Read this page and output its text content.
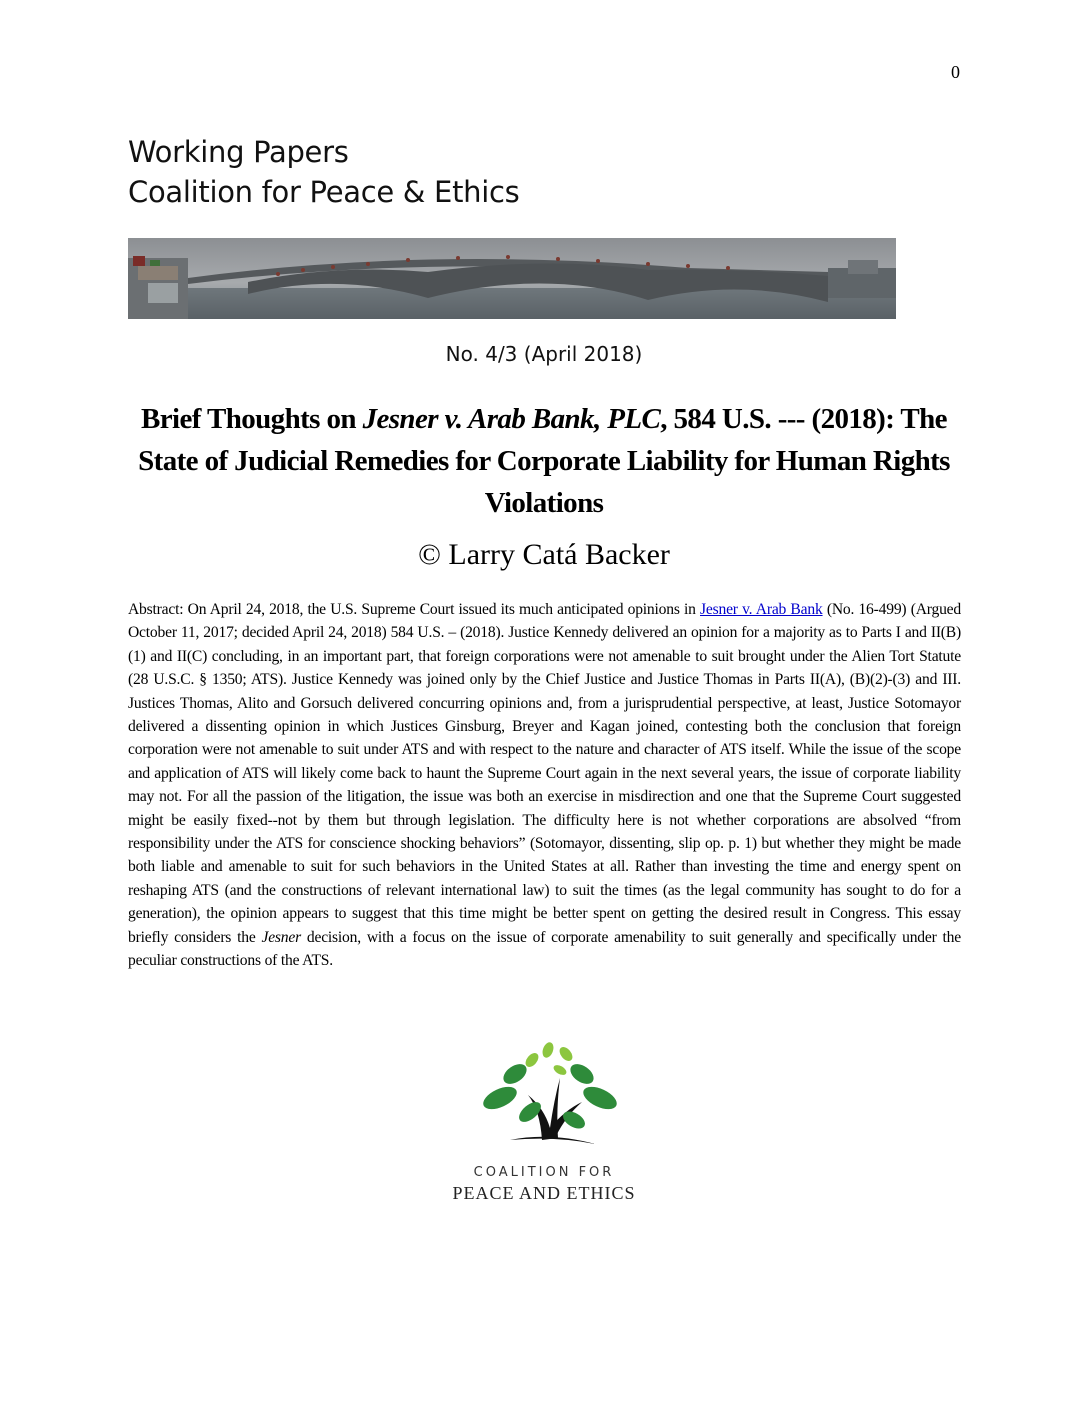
0
Working Papers
Coalition for Peace & Ethics
No. 4/3 (April 2018)
Brief Thoughts on Jesner v. Arab Bank, PLC, 584 U.S. --- (2018): The State of Judicial Remedies for Corporate Liability for Human Rights Violations
© Larry Catá Backer
Abstract: On April 24, 2018, the U.S. Supreme Court issued its much anticipated opinions in Jesner v. Arab Bank (No. 16-499) (Argued October 11, 2017; decided April 24, 2018) 584 U.S. – (2018). Justice Kennedy delivered an opinion for a majority as to Parts I and II(B)(1) and II(C) concluding, in an important part, that foreign corporations were not amenable to suit brought under the Alien Tort Statute (28 U.S.C. § 1350; ATS). Justice Kennedy was joined only by the Chief Justice and Justice Thomas in Parts II(A), (B)(2)-(3) and III. Justices Thomas, Alito and Gorsuch delivered concurring opinions and, from a jurisprudential perspective, at least, Justice Sotomayor delivered a dissenting opinion in which Justices Ginsburg, Breyer and Kagan joined, contesting both the conclusion that foreign corporation were not amenable to suit under ATS and with respect to the nature and character of ATS itself. While the issue of the scope and application of ATS will likely come back to haunt the Supreme Court again in the next several years, the issue of corporate liability may not. For all the passion of the litigation, the issue was both an exercise in misdirection and one that the Supreme Court suggested might be easily fixed--not by them but through legislation. The difficulty here is not whether corporations are absolved “from responsibility under the ATS for conscience shocking behaviors” (Sotomayor, dissenting, slip op. p. 1) but whether they might be made both liable and amenable to suit for such behaviors in the United States at all. Rather than investing the time and energy spent on reshaping ATS (and the constructions of relevant international law) to suit the times (as the legal community has sought to do for a generation), the opinion appears to suggest that this time might be better spent on getting the desired result in Congress. This essay briefly considers the Jesner decision, with a focus on the issue of corporate amenability to suit generally and specifically under the peculiar constructions of the ATS.
COALITION FOR
PEACE AND ETHICS
